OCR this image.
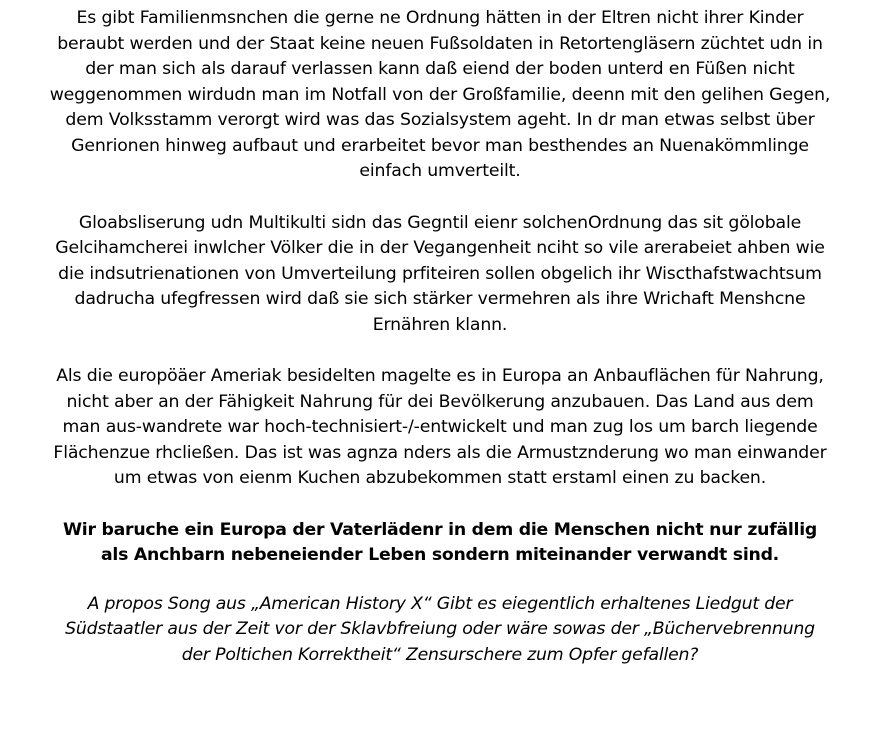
Es gibt Familienmsnchen die gerne ne Ordnung hätten in der Eltren nicht ihrer Kinder
beraubt werden und der Staat keine neuen Fußsoldaten in Retortengläsern züchtet udn in
der man sich als darauf verlassen kann daß eiend der boden unterd en Füßen nicht
weggenommen wirdudn man im Notfall von der Großfamilie, deenn mit den gelihen Gegen,
dem Volksstamm verorgt wird was das Sozialsystem ageht. In dr man etwas selbst über
Genrionen hinweg aufbaut und erarbeitet bevor man besthendes an Nuenakömmlinge
einfach umverteilt.

Gloabsliserung udn Multikulti sidn das Gegntil eienr solchenOrdnung das sit gölobale
Gelcihamcherei inwlcher Völker die in der Vegangenheit nciht so vile arerabeiet ahben wie
die indsutrienationen von Umverteilung prfiteiren sollen obgelich ihr Wiscthafstwachtsum
dadrucha ufegfressen wird daß sie sich stärker vermehren als ihre Wrichaft Menshcne
Ernähren klann.

Als die europöäer Ameriak besidelten magelte es in Europa an Anbauflächen für Nahrung,
nicht aber an der Fähigkeit Nahrung für dei Bevölkerung anzubauen. Das Land aus dem
man aus-wandrete war hoch-technisiert-/-entwickelt und man zug los um barch liegende
Flächenzue rhcließen. Das ist was agnza nders als die Armustznderung wo man einwander
um etwas von eienm Kuchen abzubekommen statt erstaml einen zu backen.

Wir baruche ein Europa der Vaterlädenr in dem die Menschen nicht nur zufällig
als Anchbarn nebeneiender Leben sondern miteinander verwandt sind.

A propos Song aus „American History X“ Gibt es eiegentlich erhaltenes Liedgut der
Südstaatler aus der Zeit vor der Sklavbfreiung oder wäre sowas der „Büchervebrennung
der Poltichen Korrektheit“ Zensurschere zum Opfer gefallen?
